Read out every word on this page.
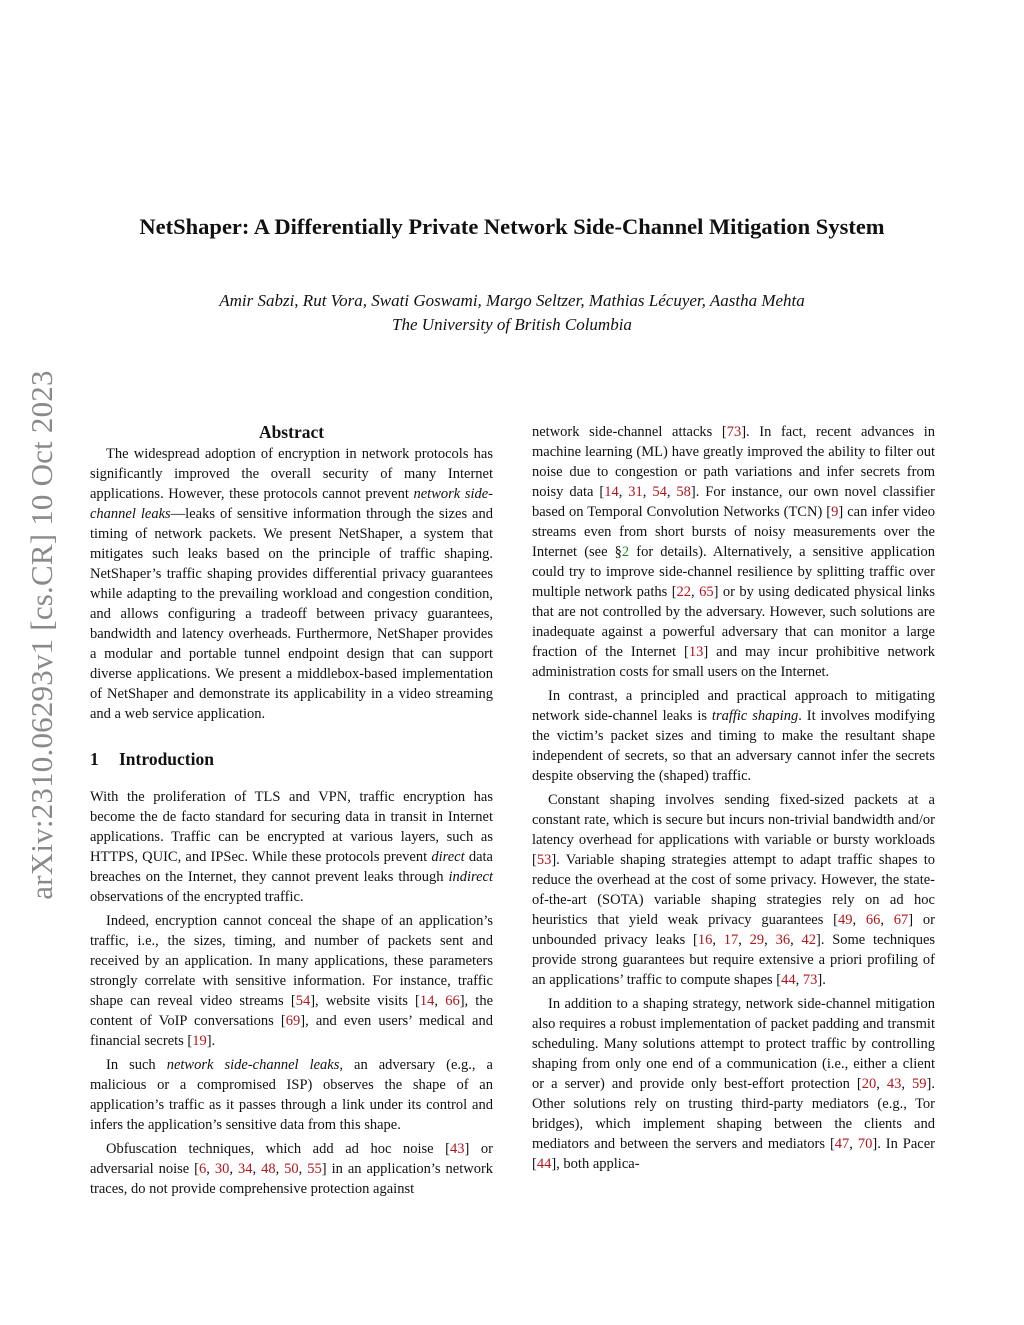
arXiv:2310.06293v1 [cs.CR] 10 Oct 2023
NetShaper: A Differentially Private Network Side-Channel Mitigation System
Amir Sabzi, Rut Vora, Swati Goswami, Margo Seltzer, Mathias Lécuyer, Aastha Mehta
The University of British Columbia
Abstract

The widespread adoption of encryption in network protocols has significantly improved the overall security of many Internet applications. However, these protocols cannot prevent network side-channel leaks—leaks of sensitive information through the sizes and timing of network packets. We present NetShaper, a system that mitigates such leaks based on the principle of traffic shaping. NetShaper’s traffic shaping provides differential privacy guarantees while adapting to the prevailing workload and congestion condition, and allows configuring a tradeoff between privacy guarantees, bandwidth and latency overheads. Furthermore, NetShaper provides a modular and portable tunnel endpoint design that can support diverse applications. We present a middlebox-based implementation of NetShaper and demonstrate its applicability in a video streaming and a web service application.

1 Introduction

With the proliferation of TLS and VPN, traffic encryption has become the de facto standard for securing data in transit in Internet applications. Traffic can be encrypted at various layers, such as HTTPS, QUIC, and IPSec. While these protocols prevent direct data breaches on the Internet, they cannot prevent leaks through indirect observations of the encrypted traffic.

Indeed, encryption cannot conceal the shape of an application’s traffic, i.e., the sizes, timing, and number of packets sent and received by an application. In many applications, these parameters strongly correlate with sensitive information. For instance, traffic shape can reveal video streams [54], website visits [14, 66], the content of VoIP conversations [69], and even users’ medical and financial secrets [19].

In such network side-channel leaks, an adversary (e.g., a malicious or a compromised ISP) observes the shape of an application’s traffic as it passes through a link under its control and infers the application’s sensitive data from this shape.

Obfuscation techniques, which add ad hoc noise [43] or adversarial noise [6, 30, 34, 48, 50, 55] in an application’s network traces, do not provide comprehensive protection against

network side-channel attacks [73]. In fact, recent advances in machine learning (ML) have greatly improved the ability to filter out noise due to congestion or path variations and infer secrets from noisy data [14, 31, 54, 58]. For instance, our own novel classifier based on Temporal Convolution Networks (TCN) [9] can infer video streams even from short bursts of noisy measurements over the Internet (see §2 for details). Alternatively, a sensitive application could try to improve side-channel resilience by splitting traffic over multiple network paths [22, 65] or by using dedicated physical links that are not controlled by the adversary. However, such solutions are inadequate against a powerful adversary that can monitor a large fraction of the Internet [13] and may incur prohibitive network administration costs for small users on the Internet.

In contrast, a principled and practical approach to mitigating network side-channel leaks is traffic shaping. It involves modifying the victim’s packet sizes and timing to make the resultant shape independent of secrets, so that an adversary cannot infer the secrets despite observing the (shaped) traffic.

Constant shaping involves sending fixed-sized packets at a constant rate, which is secure but incurs non-trivial bandwidth and/or latency overhead for applications with variable or bursty workloads [53]. Variable shaping strategies attempt to adapt traffic shapes to reduce the overhead at the cost of some privacy. However, the state-of-the-art (SOTA) variable shaping strategies rely on ad hoc heuristics that yield weak privacy guarantees [49, 66, 67] or unbounded privacy leaks [16, 17, 29, 36, 42]. Some techniques provide strong guarantees but require extensive a priori profiling of an applications’ traffic to compute shapes [44, 73].

In addition to a shaping strategy, network side-channel mitigation also requires a robust implementation of packet padding and transmit scheduling. Many solutions attempt to protect traffic by controlling shaping from only one end of a communication (i.e., either a client or a server) and provide only best-effort protection [20, 43, 59]. Other solutions rely on trusting third-party mediators (e.g., Tor bridges), which implement shaping between the clients and mediators and between the servers and mediators [47, 70]. In Pacer [44], both applica-
